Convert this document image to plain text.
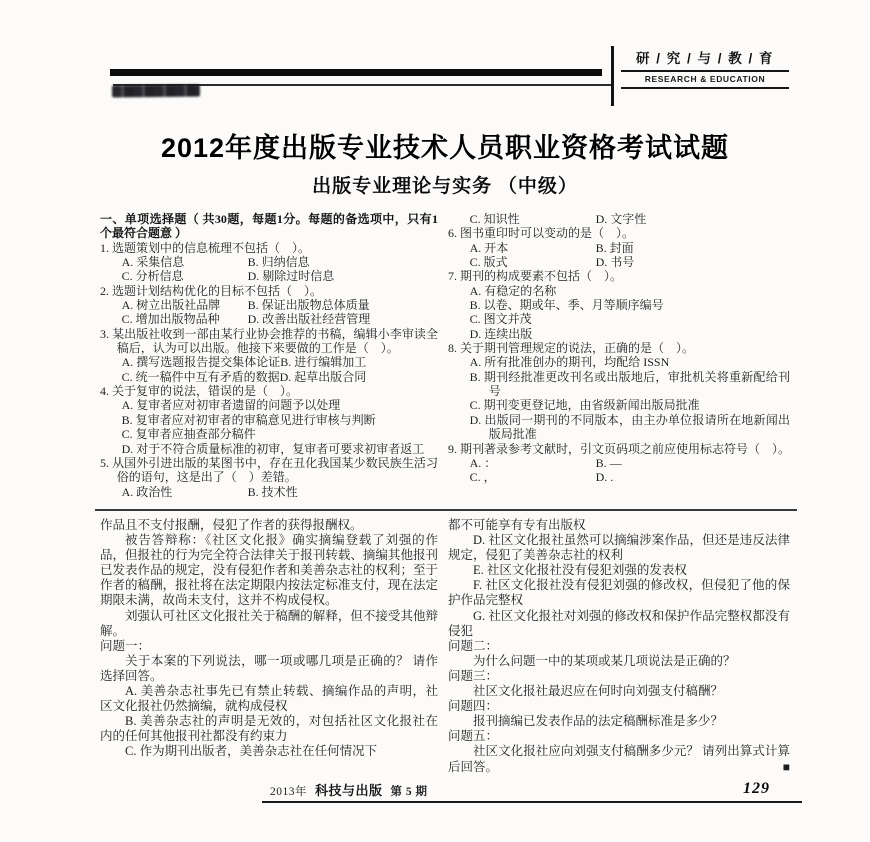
研 / 究 / 与 / 教 / 育
RESEARCH & EDUCATION
2012年度出版专业技术人员职业资格考试试题
出版专业理论与实务 （中级）
一、单项选择题（ 共30题，每题1分。每题的备选项中，只有1个最符合题意 ）
1. 选题策划中的信息梳理不包括（　）。
A. 采集信息	B. 归纳信息
C. 分析信息	D. 剔除过时信息
2. 选题计划结构优化的目标不包括（　）。
A. 树立出版社品牌	B. 保证出版物总体质量
C. 增加出版物品种	D. 改善出版社经营管理
3. 某出版社收到一部由某行业协会推荐的书稿，编辑小李审读全稿后，认为可以出版。他接下来要做的工作是（　）。
A. 撰写选题报告提交集体论证 B. 进行编辑加工
C. 统一稿件中互有矛盾的数据 D. 起草出版合同
4. 关于复审的说法，错误的是（　）。
A. 复审者应对初审者遗留的问题予以处理
B. 复审者应对初审者的审稿意见进行审核与判断
C. 复审者应抽查部分稿件
D. 对于不符合质量标准的初审，复审者可要求初审者返工
5. 从国外引进出版的某图书中，存在丑化我国某少数民族生活习俗的语句，这是出了（　）差错。
A. 政治性	B. 技术性
C. 知识性	D. 文字性
6. 图书重印时可以变动的是（　）。
A. 开本	B. 封面
C. 版式	D. 书号
7. 期刊的构成要素不包括（　）。
A. 有稳定的名称
B. 以卷、期或年、季、月等顺序编号
C. 图文并茂
D. 连续出版
8. 关于期刊管理规定的说法，正确的是（　）。
A. 所有批准创办的期刊，均配给 ISSN
B. 期刊经批准更改刊名或出版地后，审批机关将重新配给刊号
C. 期刊变更登记地，由省级新闻出版局批准
D. 出版同一期刊的不同版本，由主办单位报请所在地新闻出版局批准
9. 期刊著录参考文献时，引文页码项之前应使用标志符号（　）。
A. ：	B. —
C. ，	D. .
作品且不支付报酬，侵犯了作者的获得报酬权。
被告答辩称：《社区文化报》确实摘编登载了刘强的作品，但报社的行为完全符合法律关于报刊转载、摘编其他报刊已发表作品的规定，没有侵犯作者和美善杂志社的权利；至于作者的稿酬，报社将在法定期限内按法定标准支付，现在法定期限未满，故尚未支付，这并不构成侵权。
刘强认可社区文化报社关于稿酬的解释，但不接受其他辩解。
问题一：
关于本案的下列说法，哪一项或哪几项是正确的？ 请作选择回答。
A. 美善杂志社事先已有禁止转载、摘编作品的声明，社区文化报社仍然摘编，就构成侵权
B. 美善杂志社的声明是无效的，对包括社区文化报社在内的任何其他报刊社都没有约束力
C. 作为期刊出版者，美善杂志社在任何情况下
都不可能享有专有出版权
D. 社区文化报社虽然可以摘编涉案作品，但还是违反法律规定，侵犯了美善杂志社的权利
E. 社区文化报社没有侵犯刘强的发表权
F. 社区文化报社没有侵犯刘强的修改权，但侵犯了他的保护作品完整权
G. 社区文化报社对刘强的修改权和保护作品完整权都没有侵犯
问题二：
为什么问题一中的某项或某几项说法是正确的？
问题三：
社区文化报社最迟应在何时向刘强支付稿酬？
问题四：
报刊摘编已发表作品的法定稿酬标准是多少？
问题五：
社区文化报社应向刘强支付稿酬多少元？ 请列出算式计算后回答。	■
2013年 科技与出版 第 5 期	129
